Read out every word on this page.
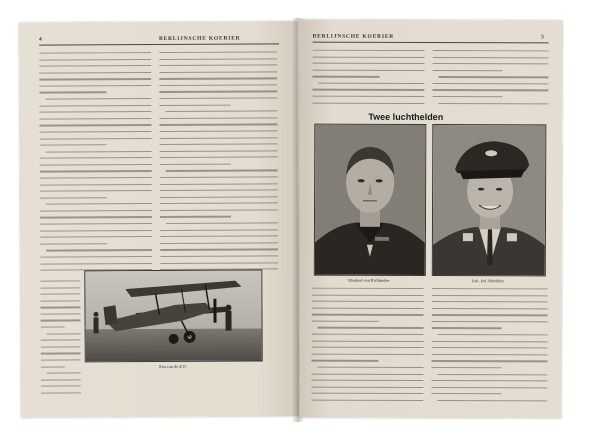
4	BERLIJNSCHE KOERIER
Een van de 4/15
BERLIJNSCHE KOERIER	5
Twee luchthelden
Manfred von Richthofen	Luit. kol. Moelders
